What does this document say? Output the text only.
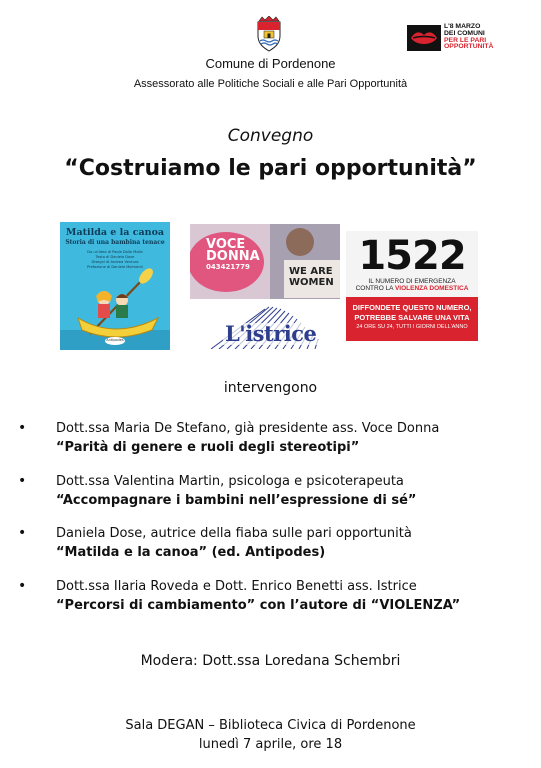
Comune di Pordenone
Assessorato alle Politiche Sociali e alle Pari Opportunità
L'8 MARZO
DEI COMUNI
PER LE PARI
OPPORTUNITÀ
Convegno
“Costruiamo le pari opportunità”
Matilda e la canoa
Storia di una bambina tenace
Da un'idea di Paola Dalle Molle
Testo di Daniela Dose
Disegni di Andrea Venturo
Prefazione di Daniele Molmenti
Antipodes
VOCE
DONNA
043421779	WE ARE
WOMEN
L'istrice
1522
IL NUMERO DI EMERGENZA
CONTRO LA VIOLENZA DOMESTICA
DIFFONDETE QUESTO NUMERO,
POTREBBE SALVARE UNA VITA
24 ORE SU 24, TUTTI I GIORNI DELL'ANNO
intervengono
• Dott.ssa Maria De Stefano, già presidente ass. Voce Donna
“Parità di genere e ruoli degli stereotipi”
• Dott.ssa Valentina Martin, psicologa e psicoterapeuta
“Accompagnare i bambini nell’espressione di sé”
• Daniela Dose, autrice della fiaba sulle pari opportunità
“Matilda e la canoa” (ed. Antipodes)
• Dott.ssa Ilaria Roveda e Dott. Enrico Benetti ass. Istrice
“Percorsi di cambiamento” con l’autore di “VIOLENZA”
Modera: Dott.ssa Loredana Schembri
Sala DEGAN – Biblioteca Civica di Pordenone
lunedì 7 aprile, ore 18
